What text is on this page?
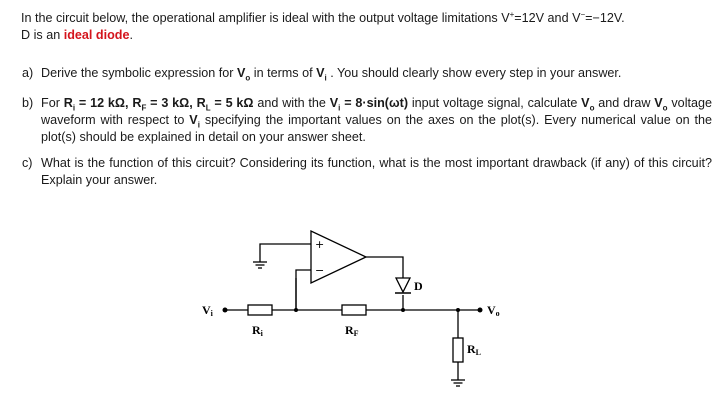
In the circuit below, the operational amplifier is ideal with the output voltage limitations V+=12V and V−=−12V.
D is an ideal diode.
a) Derive the symbolic expression for $V_o$ in terms of $V_i$ . You should clearly show every step in your answer.
b) For $R_i = 12$ kΩ, $R_F = 3$ kΩ, $R_L = 5$ kΩ and with the $V_i = 8\cdot\sin(\omega t)$ input voltage signal, calculate $V_o$ and draw $V_o$ voltage waveform with respect to $V_i$ specifying the important values on the axes on the plot(s). Every numerical value on the plot(s) should be explained in detail on your answer sheet.
c) What is the function of this circuit? Considering its function, what is the most important drawback (if any) of this circuit? Explain your answer.
+
−
Vi
Ri	RF
D
Vo
RL
